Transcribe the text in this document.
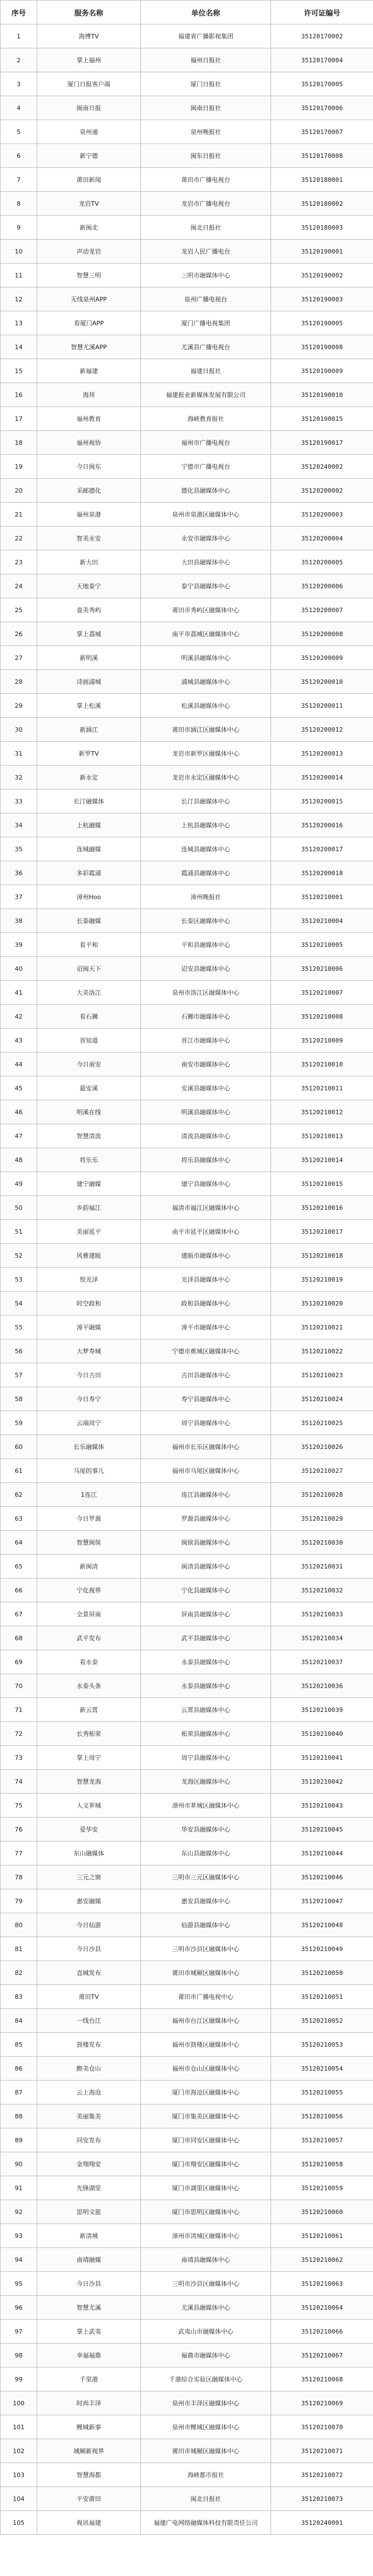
序号	服务名称	单位名称	许可证编号
1	海博TV	福建省广播影视集团	35120170002
2	掌上福州	福州日报社	35120170004
3	厦门日报客户端	厦门日报社	35120170005
4	闽南日报	闽南日报社	35120170006
5	泉州通	泉州晚报社	35120170007
6	新宁德	闽东日报社	35120170008
7	莆田新闻	莆田市广播电视台	35120180001
8	龙岩TV	龙岩市广播电视台	35120180002
9	新闽北	闽北日报社	35120180003
10	声动龙岩	龙岩人民广播电台	35120190001
11	智慧三明	三明市融媒体中心	35120190002
12	无线泉州APP	泉州广播电视台	35120190003
13	看厦门APP	厦门广播电视集团	35120190005
14	智慧尤溪APP	尤溪县广播电视台	35120190008
15	新福建	福建日报社	35120190009
16	海拜	福建报业新媒体发展有限公司	35120190010
17	福州教育	海峡教育报社	35120190015
18	福州视协	福州市广播电视台	35120190017
19	今日闽东	宁德市广播电视台	35120240002
20	采邮德化	德化县融媒体中心	35120200002
21	福州泉港	泉州市泉港区融媒体中心	35120200003
22	智美永安	永安市融媒体中心	35120200004
23	新大田	大田县融媒体中心	35120200005
24	天地泰宁	泰宁县融媒体中心	35120200006
25	壶美秀屿	莆田市秀屿区融媒体中心	35120200007
26	掌上荔城	南平市荔城区融媒体中心	35120200008
27	新明溪	明溪县融媒体中心	35120200009
28	诗画浦城	浦城县融媒体中心	35120200010
29	掌上松溪	松溪县融媒体中心	35120200011
30	新涵江	莆田市涵江区融媒体中心	35120200012
31	新罗TV	龙岩市新罗区融媒体中心	35120200013
32	新永定	龙岩市永定区融媒体中心	35120200014
33	长汀融媒体	长汀县融媒体中心	35120200015
34	上杭融媒	上杭县融媒体中心	35120200016
35	连城融媒	连城县融媒体中心	35120200017
36	多彩霞浦	霞浦县融媒体中心	35120200018
37	漳州Hoo	漳州晚报社	35120210001
38	长泰融媒	长泰区融媒体中心	35120210004
39	看平和	平和县融媒体中心	35120210005
40	诏闽天下	诏安县融媒体中心	35120210006
41	大美洛江	泉州市洛江区融媒体中心	35120210007
42	看石狮	石狮市融媒体中心	35120210008
43	晋知道	晋江市融媒体中心	35120210009
44	今日南安	南安市融媒体中心	35120210010
45	最安溪	安溪县融媒体中心	35120210011
46	明溪在线	明溪县融媒体中心	35120210012
47	智慧清流	清流县融媒体中心	35120210013
48	将乐乐	将乐县融媒体中心	35120210014
49	建宁融媒	建宁县融媒体中心	35120210015
50	乡韵福江	福清市福江区融媒体中心	35120210016
51	美丽延平	南平市延平区融媒体中心	35120210017
52	风雅建瓯	建瓯市融媒体中心	35120210018
53	悦光泽	光泽县融媒体中心	35120210019
54	时空政和	政和县融媒体中心	35120210020
55	漳平融媒	漳平市融媒体中心	35120210021
56	大梦寿城	宁德市蕉城区融媒体中心	35120210022
57	今日古田	古田县融媒体中心	35120210023
58	今日寿宁	寿宁县融媒体中心	35120210024
59	云端周宁	周宁县融媒体中心	35120210025
60	长乐融媒体	福州市长乐区融媒体中心	35120210026
61	马尾的事儿	福州市马尾区融媒体中心	35120210027
62	1连江	连江县融媒体中心	35120210028
63	今日罗源	罗源县融媒体中心	35120210029
64	智慧闽侯	闽侯县融媒体中心	35120210030
65	新闽清	闽清县融媒体中心	35120210031
66	宁化视界	宁化县融媒体中心	35120210032
67	全景屏南	屏南县融媒体中心	35120210033
68	武平发布	武平县融媒体中心	35120210034
69	看永泰	永泰县融媒体中心	35120210037
70	永泰头条	永泰县融媒体中心	35120210036
71	新云霄	云霄县融媒体中心	35120210039
72	长秀柘荣	柘荣县融媒体中心	35120210040
73	掌上周宁	周宁县融媒体中心	35120210041
74	智慧龙海	龙海区融媒体中心	35120210042
75	人文芗城	漳州市芗城区融媒体中心	35120210043
76	爱华安	华安县融媒体中心	35120210045
77	东山融媒体	东山县融媒体中心	35120210044
78	三元之窗	三明市三元区融媒体中心	35120210046
79	惠安融媒	惠安县融媒体中心	35120210047
80	今日仙游	仙游县融媒体中心	35120210048
81	今日沙县	三明市沙县区融媒体中心	35120210049
82	直城发布	莆田市城厢区融媒体中心	35120210050
83	莆田TV	莆田市广播电视中心	35120210051
84	一线台江	福州市台江区融媒体中心	35120210052
85	鼓楼发布	福州市鼓楼区融媒体中心	35120210053
86	醉美仓山	福州市仓山区融媒体中心	35120210054
87	云上海沧	厦门市海沧区融媒体中心	35120210055
88	美丽集美	厦门市集美区融媒体中心	35120210056
89	同安发布	厦门市同安区融媒体中心	35120210057
90	金翔翔安	厦门市翔安区融媒体中心	35120210058
91	先锋湖里	厦门市湖里区融媒体中心	35120210059
92	思明文旅	厦门市思明区融媒体中心	35120210060
93	新清城	漳州市清城区融媒体中心	35120210061
94	南靖融媒	南靖县融媒体中心	35120210062
95	今日沙县	三明市沙县区融媒体中心	35120210063
96	智慧尤溪	尤溪县融媒体中心	35120210064
97	掌上武夷	武夷山市融媒体中心	35120210066
98	幸福福鼎	福鼎市融媒体中心	35120210067
99	千里港	千港综合实验区融媒体中心	35120210068
100	时尚丰泽	泉州市丰泽区融媒体中心	35120210069
101	鲤城新事	泉州市鲤城区融媒体中心	35120210070
102	城厢新视界	莆田市城厢区融媒体中心	35120210071
103	智慧海都	海峡都市报社	35120210072
104	平安莆田	闽北日报社	35120210073
105	视讯福建	福建广电网络融媒体科技有限责任公司	35120240001
